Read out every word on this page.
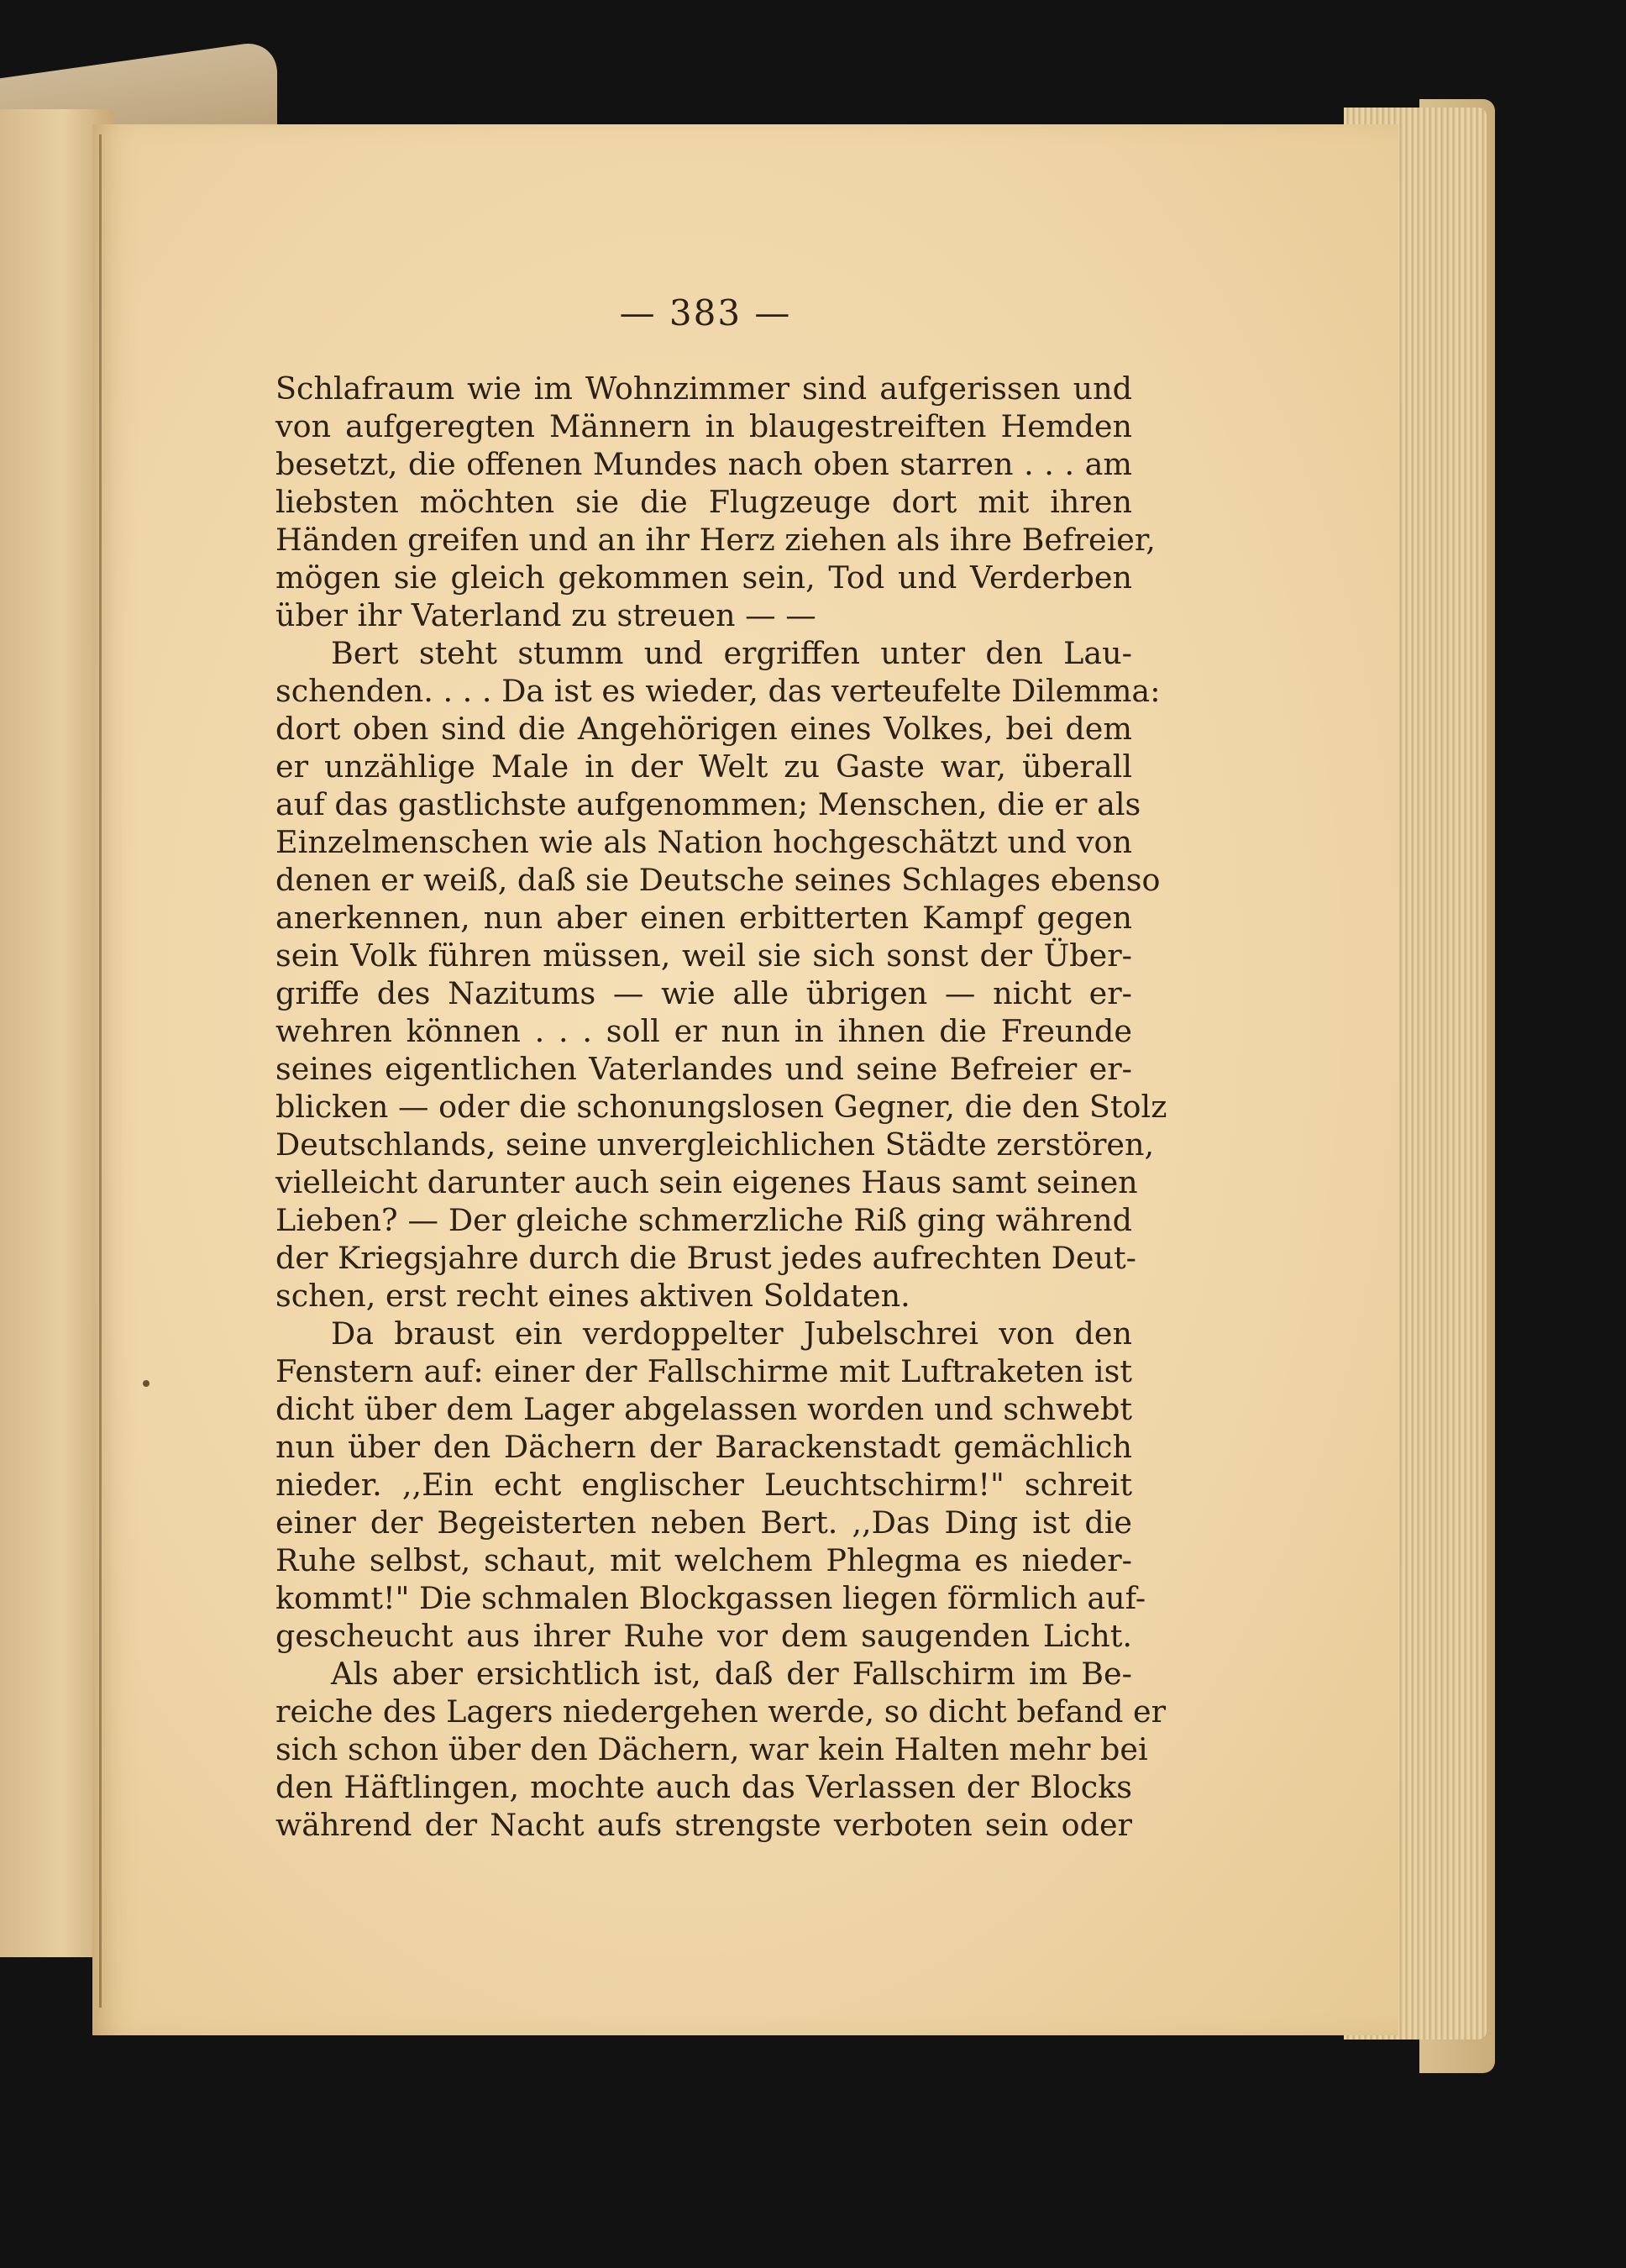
— 383 —
Schlafraum wie im Wohnzimmer sind aufgerissen und
von aufgeregten Männern in blaugestreiften Hemden
besetzt, die offenen Mundes nach oben starren . . . am
liebsten möchten sie die Flugzeuge dort mit ihren
Händen greifen und an ihr Herz ziehen als ihre Befreier,
mögen sie gleich gekommen sein, Tod und Verderben
über ihr Vaterland zu streuen — —
Bert steht stumm und ergriffen unter den Lau-
schenden. . . . Da ist es wieder, das verteufelte Dilemma:
dort oben sind die Angehörigen eines Volkes, bei dem
er unzählige Male in der Welt zu Gaste war, überall
auf das gastlichste aufgenommen; Menschen, die er als
Einzelmenschen wie als Nation hochgeschätzt und von
denen er weiß, daß sie Deutsche seines Schlages ebenso
anerkennen, nun aber einen erbitterten Kampf gegen
sein Volk führen müssen, weil sie sich sonst der Über-
griffe des Nazitums — wie alle übrigen — nicht er-
wehren können . . . soll er nun in ihnen die Freunde
seines eigentlichen Vaterlandes und seine Befreier er-
blicken — oder die schonungslosen Gegner, die den Stolz
Deutschlands, seine unvergleichlichen Städte zerstören,
vielleicht darunter auch sein eigenes Haus samt seinen
Lieben? — Der gleiche schmerzliche Riß ging während
der Kriegsjahre durch die Brust jedes aufrechten Deut-
schen, erst recht eines aktiven Soldaten.
Da braust ein verdoppelter Jubelschrei von den
Fenstern auf: einer der Fallschirme mit Luftraketen ist
dicht über dem Lager abgelassen worden und schwebt
nun über den Dächern der Barackenstadt gemächlich
nieder. ,,Ein echt englischer Leuchtschirm!" schreit
einer der Begeisterten neben Bert. ,,Das Ding ist die
Ruhe selbst, schaut, mit welchem Phlegma es nieder-
kommt!" Die schmalen Blockgassen liegen förmlich auf-
gescheucht aus ihrer Ruhe vor dem saugenden Licht.
Als aber ersichtlich ist, daß der Fallschirm im Be-
reiche des Lagers niedergehen werde, so dicht befand er
sich schon über den Dächern, war kein Halten mehr bei
den Häftlingen, mochte auch das Verlassen der Blocks
während der Nacht aufs strengste verboten sein oder
